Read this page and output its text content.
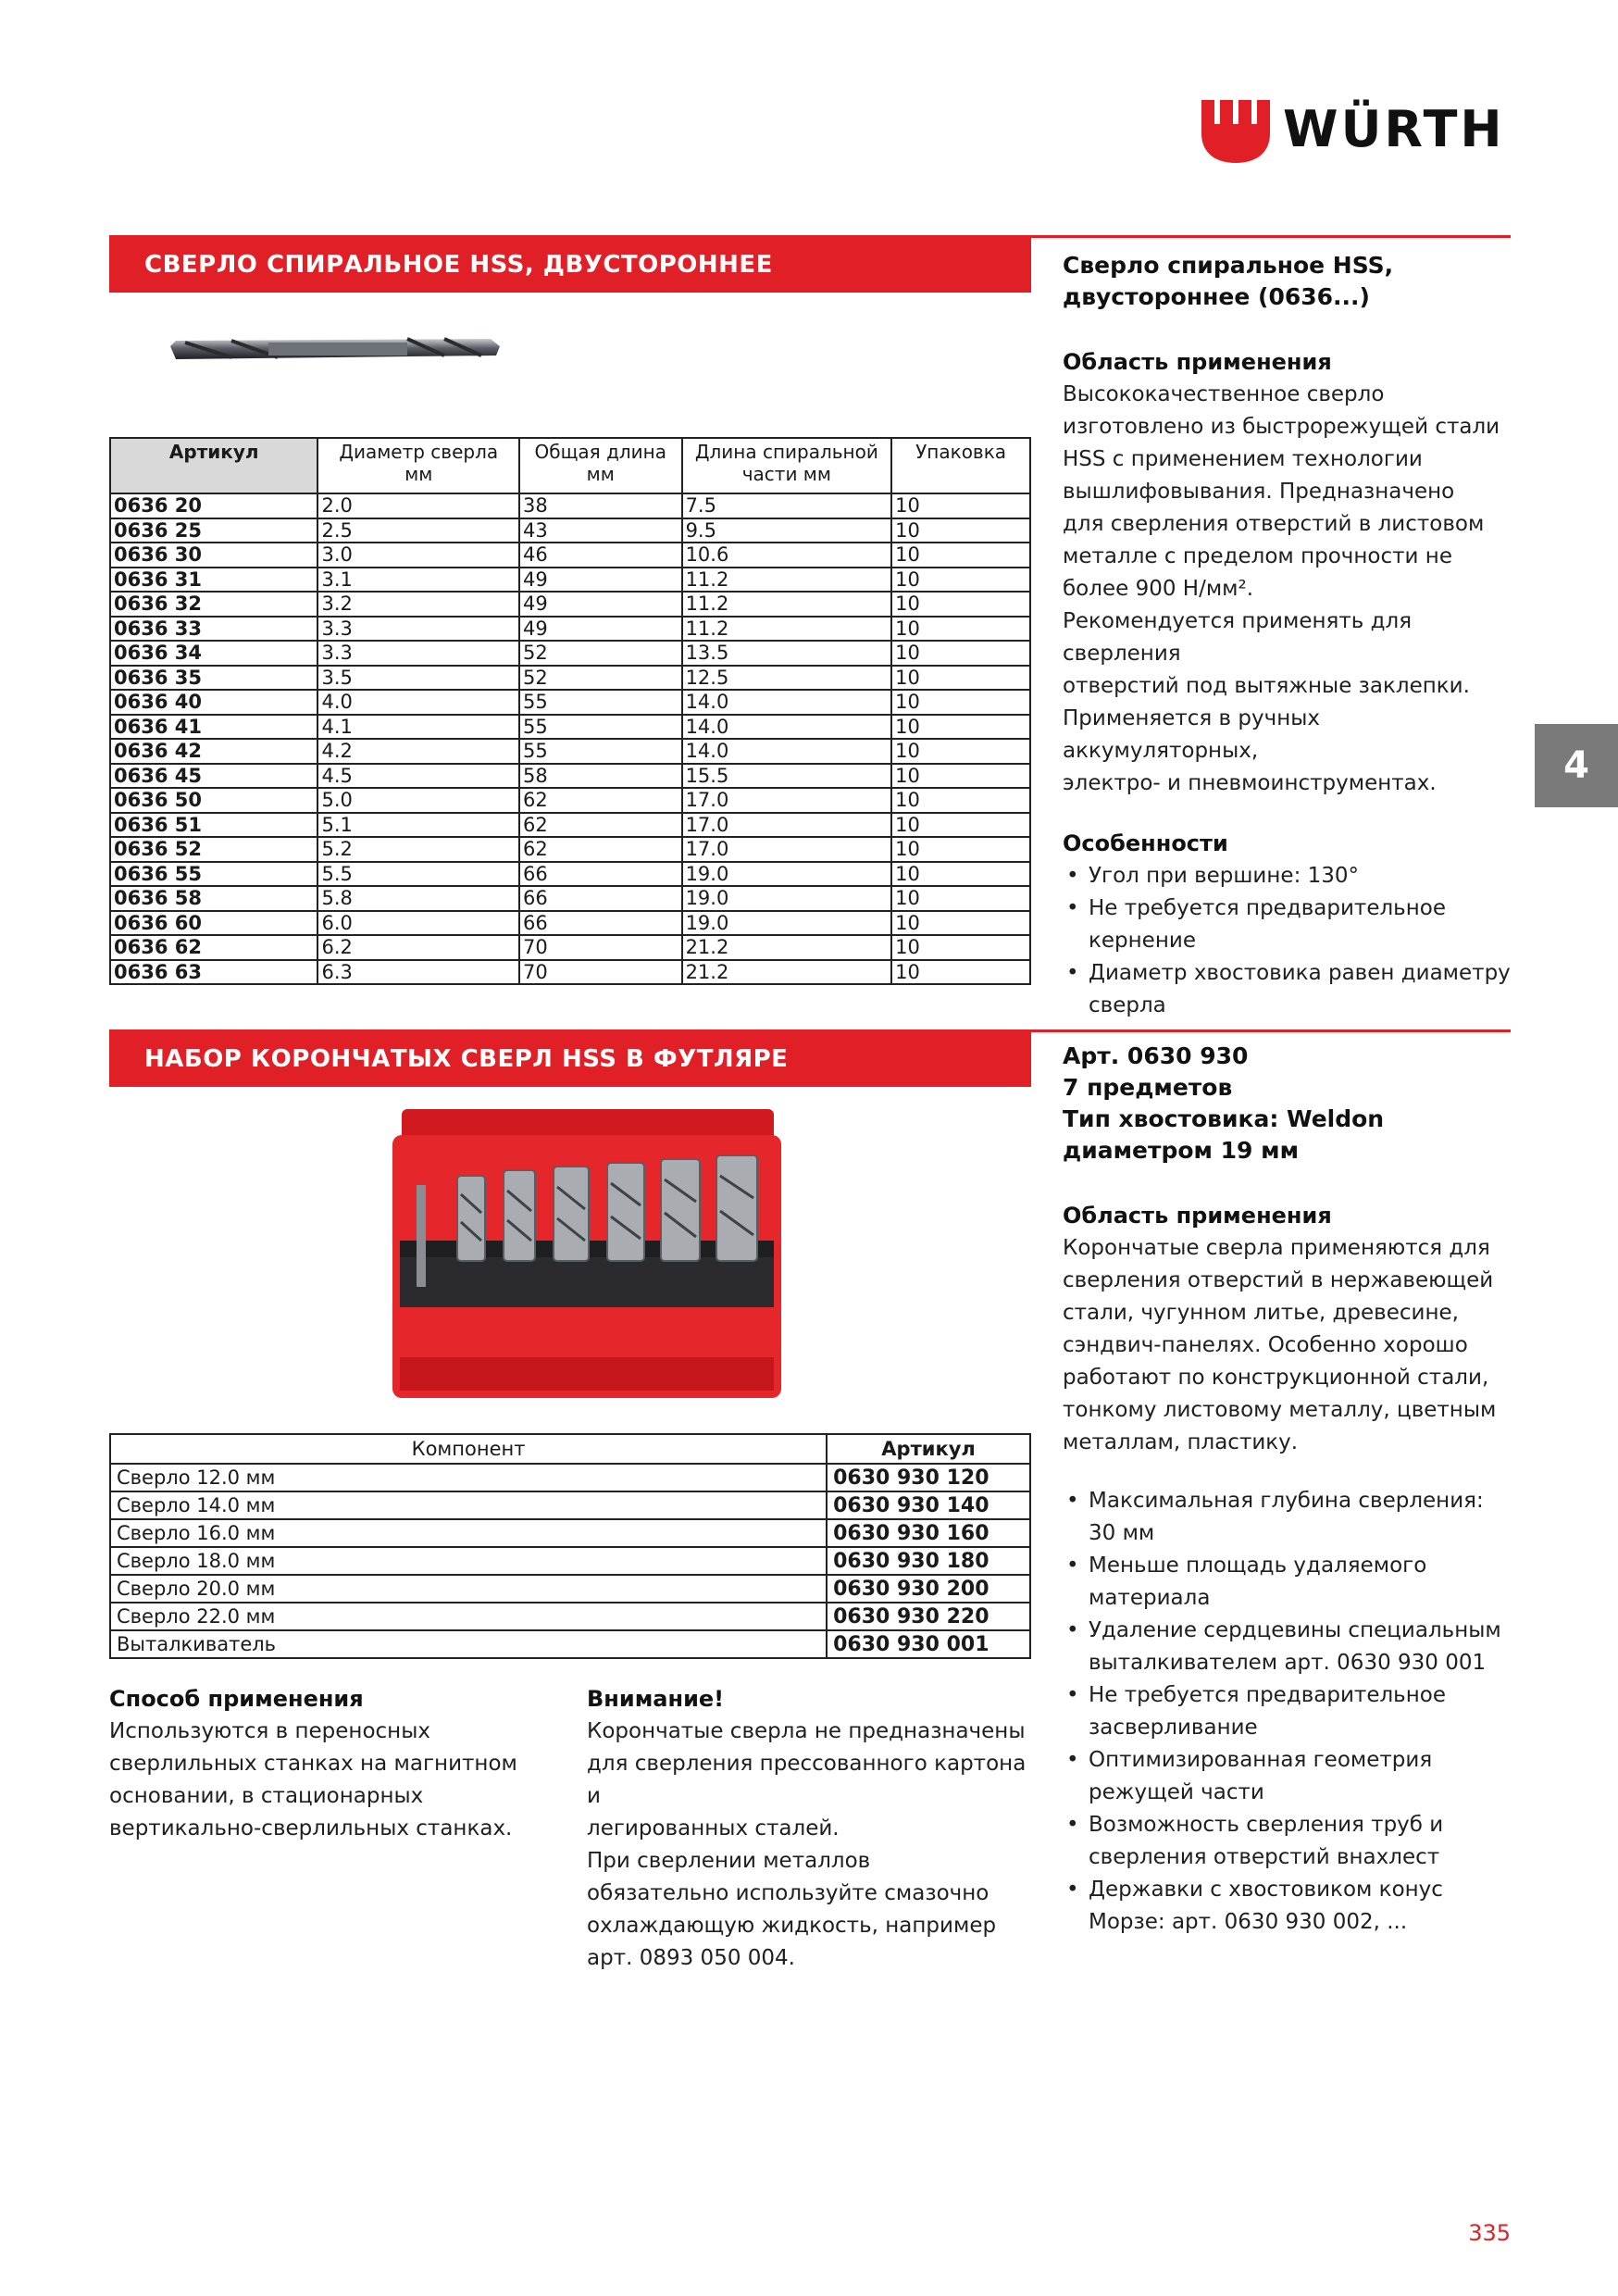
WÜRTH
СВЕРЛО СПИРАЛЬНОЕ HSS, ДВУСТОРОННЕЕ
Артикул	Диаметр сверла мм	Общая длина мм	Длина спиральной части мм	Упаковка
0636 20	2.0	38	7.5	10
0636 25	2.5	43	9.5	10
0636 30	3.0	46	10.6	10
0636 31	3.1	49	11.2	10
0636 32	3.2	49	11.2	10
0636 33	3.3	49	11.2	10
0636 34	3.3	52	13.5	10
0636 35	3.5	52	12.5	10
0636 40	4.0	55	14.0	10
0636 41	4.1	55	14.0	10
0636 42	4.2	55	14.0	10
0636 45	4.5	58	15.5	10
0636 50	5.0	62	17.0	10
0636 51	5.1	62	17.0	10
0636 52	5.2	62	17.0	10
0636 55	5.5	66	19.0	10
0636 58	5.8	66	19.0	10
0636 60	6.0	66	19.0	10
0636 62	6.2	70	21.2	10
0636 63	6.3	70	21.2	10
Сверло спиральное HSS,
двустороннее (0636...)
Область применения
Высококачественное сверло
изготовлено из быстрорежущей стали
HSS с применением технологии
вышлифовывания. Предназначено
для сверления отверстий в листовом
металле с пределом прочности не
более 900 Н/мм².
Рекомендуется применять для сверления
отверстий под вытяжные заклепки.
Применяется в ручных аккумуляторных,
электро- и пневмоинструментах.
Особенности
• Угол при вершине: 130°
• Не требуется предварительное
кернение
• Диаметр хвостовика равен диаметру
сверла
4
НАБОР КОРОНЧАТЫХ СВЕРЛ HSS В ФУТЛЯРЕ
Компонент	Артикул
Сверло 12.0 мм	0630 930 120
Сверло 14.0 мм	0630 930 140
Сверло 16.0 мм	0630 930 160
Сверло 18.0 мм	0630 930 180
Сверло 20.0 мм	0630 930 200
Сверло 22.0 мм	0630 930 220
Выталкиватель	0630 930 001
Способ применения
Используются в переносных
сверлильных станках на магнитном
основании, в стационарных
вертикально-сверлильных станках.
Внимание!
Корончатые сверла не предназначены
для сверления прессованного картона и
легированных сталей.
При сверлении металлов
обязательно используйте смазочно
охлаждающую жидкость, например
арт. 0893 050 004.
Арт. 0630 930
7 предметов
Тип хвостовика: Weldon
диаметром 19 мм
Область применения
Корончатые сверла применяются для
сверления отверстий в нержавеющей
стали, чугунном литье, древесине,
сэндвич-панелях. Особенно хорошо
работают по конструкционной стали,
тонкому листовому металлу, цветным
металлам, пластику.
• Максимальная глубина сверления:
30 мм
• Меньше площадь удаляемого
материала
• Удаление сердцевины специальным
выталкивателем арт. 0630 930 001
• Не требуется предварительное
засверливание
• Оптимизированная геометрия
режущей части
• Возможность сверления труб и
сверления отверстий внахлест
• Державки с хвостовиком конус
Морзе: арт. 0630 930 002, ...
335
